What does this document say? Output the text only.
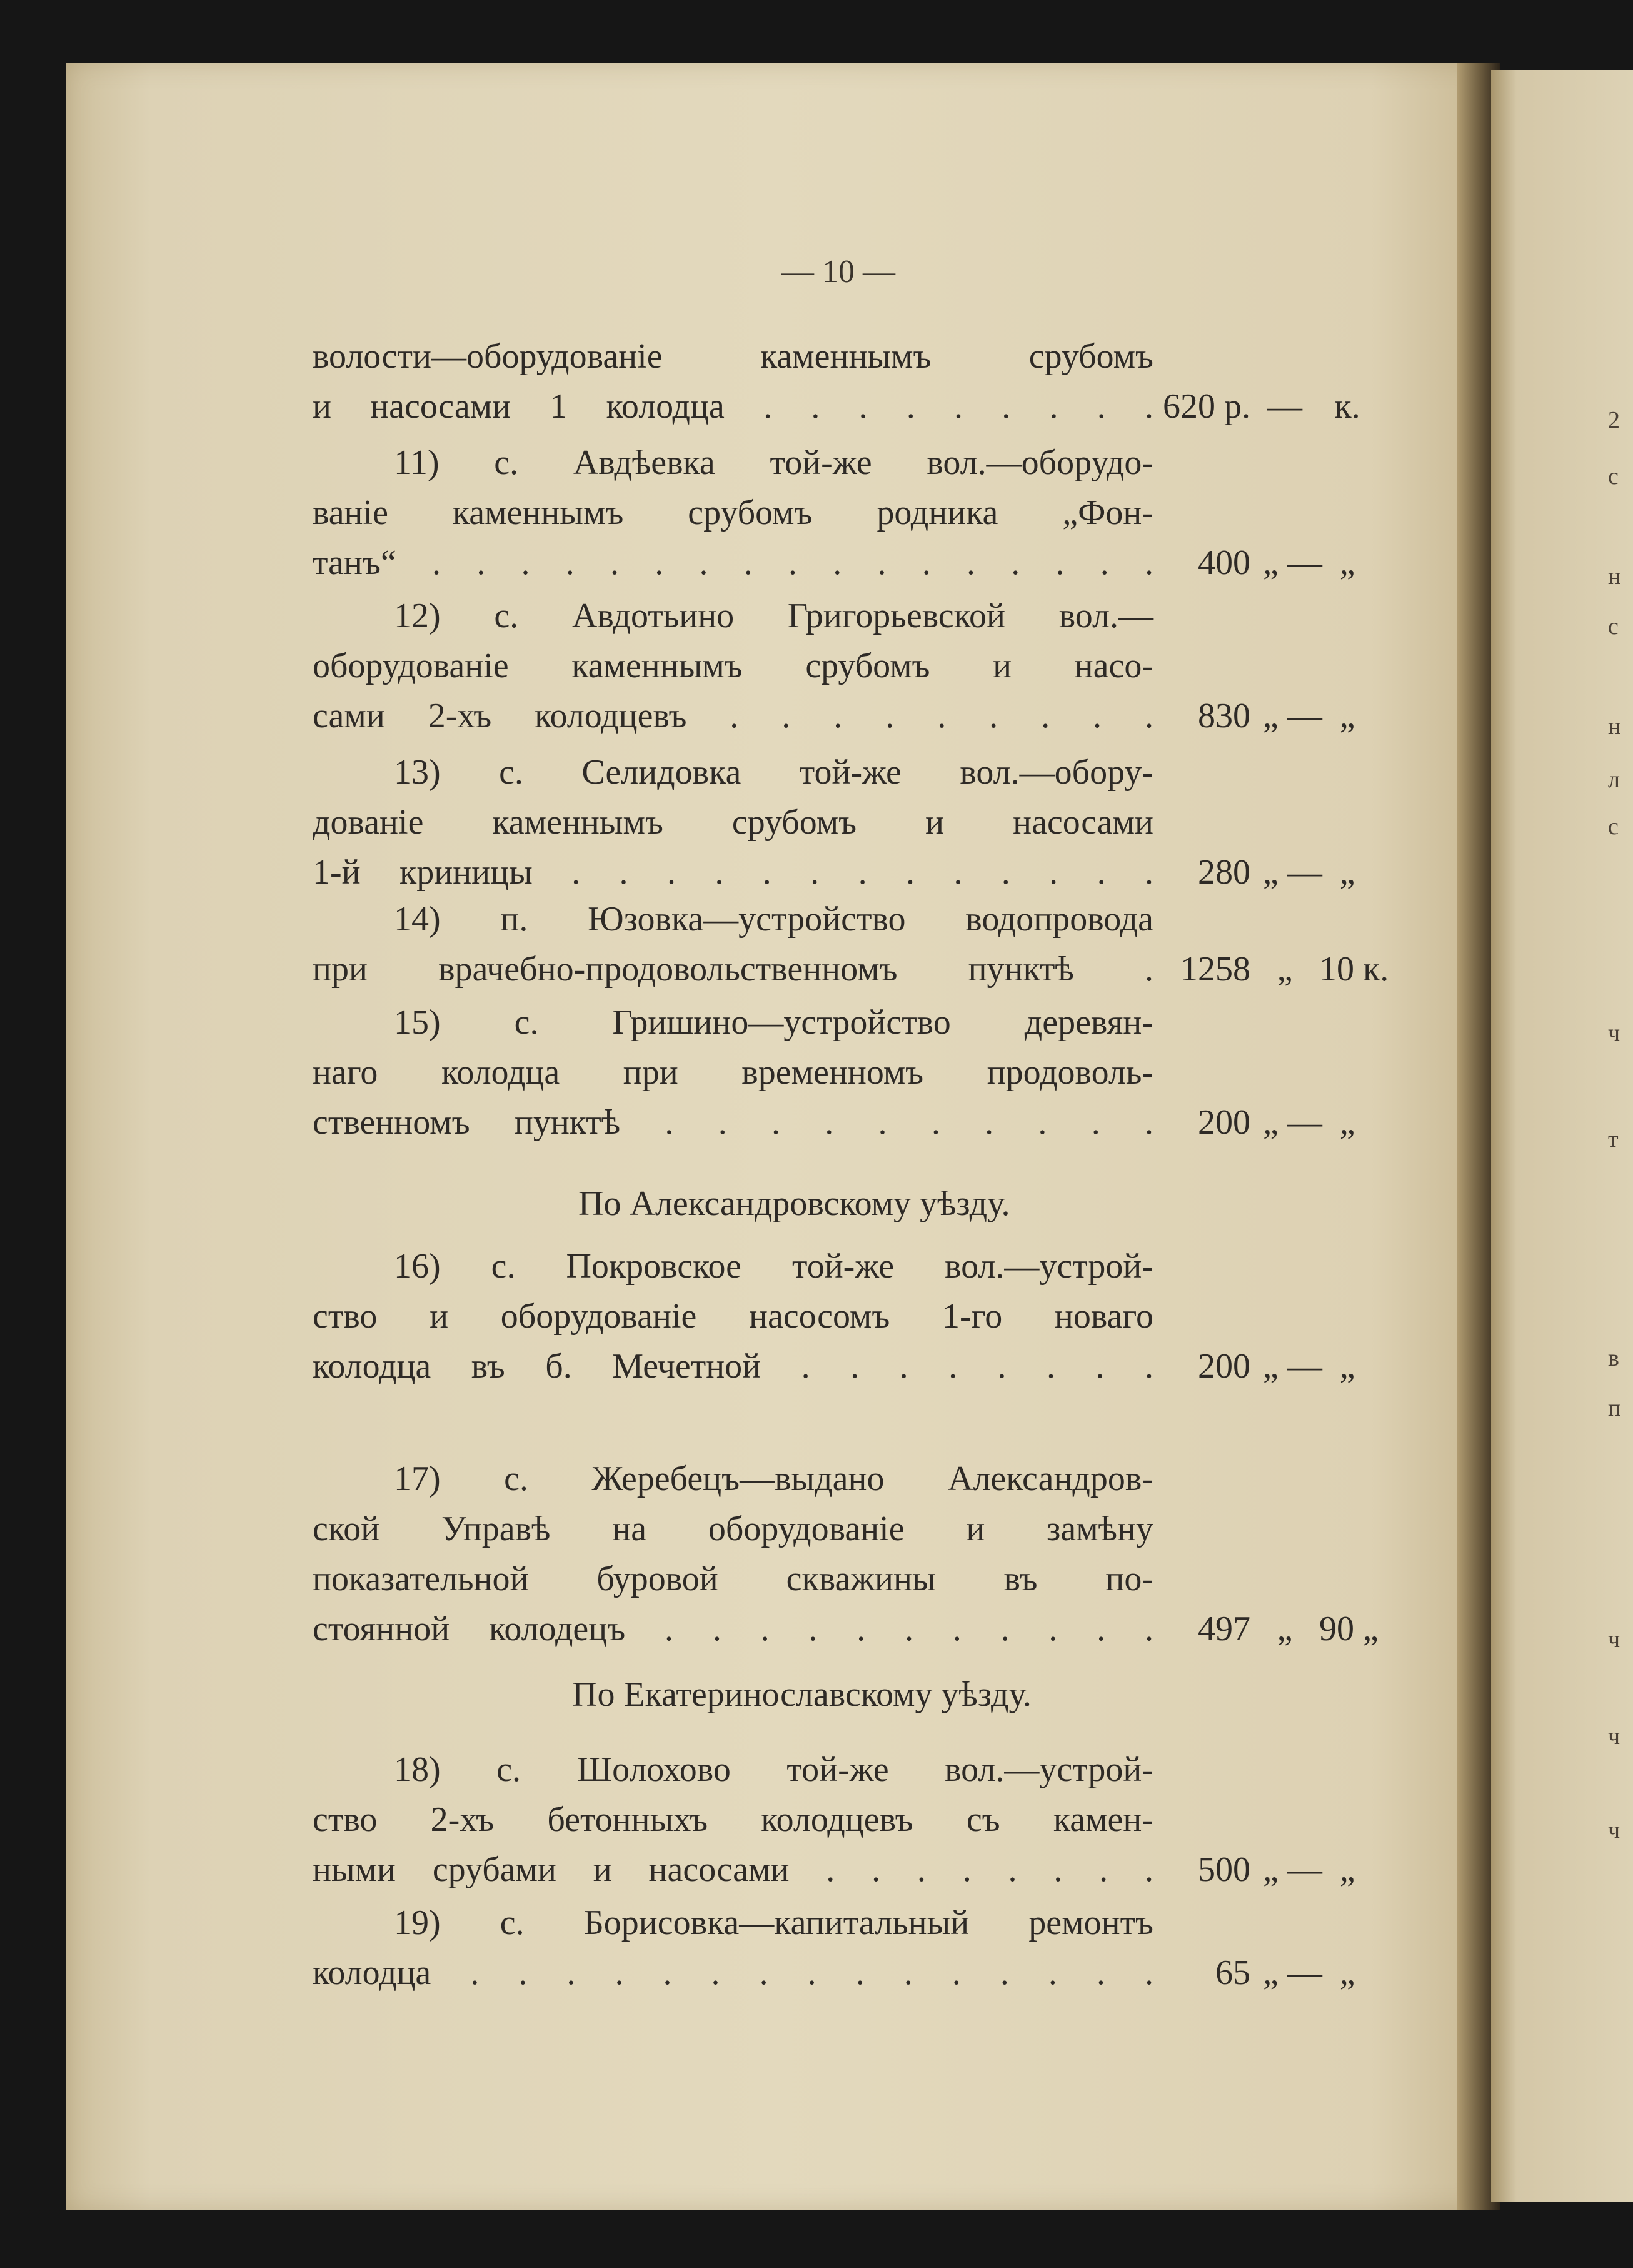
— 10 —
волости—оборудованіе каменнымъ срубомъ
и насосами 1 колодца . . . . . . . . . 620 р. — к.
11) с. Авдѣевка той-же вол.—оборудо-
ваніе каменнымъ срубомъ родника „Фон-
танъ“ . . . . . . . . . . . . . . . . .	400 „ — „
12) с. Авдотьино Григорьевской вол.—
оборудованіе каменнымъ срубомъ и насо-
сами 2-хъ колодцевъ . . . . . . . . .	830 „ — „
13) с. Селидовка той-же вол.—обору-
дованіе каменнымъ срубомъ и насосами
1-й криницы . . . . . . . . . . . . .	280 „ — „
14) п. Юзовка—устройство водопровода
при врачебно-продовольственномъ пунктѣ . 1258 „ 10 к.
15) с. Гришино—устройство деревян-
наго колодца при временномъ продоволь-
ственномъ пунктѣ . . . . . . . . . .	200 „ — „
16) с. Покровское той-же вол.—устрой-
ство и оборудованіе насосомъ 1-го новаго
колодца въ б. Мечетной . . . . . . . .	200 „ — „
17) с. Жеребецъ—выдано Александров-
ской Управѣ на оборудованіе и замѣну
показательной буровой скважины въ по-
стоянной колодецъ . . . . . . . . . . .	497 „ 90 „
18) с. Шолохово той-же вол.—устрой-
ство 2-хъ бетонныхъ колодцевъ съ камен-
ными срубами и насосами . . . . . . . .	500 „ — „
19) с. Борисовка—капитальный ремонтъ
колодца . . . . . . . . . . . . . . .	65 „ — „
По Александровскому уѣзду.
По Екатеринославскому уѣзду.
2
с
н
с
н
л
с
ч
т
в
п
ч
ч
ч
